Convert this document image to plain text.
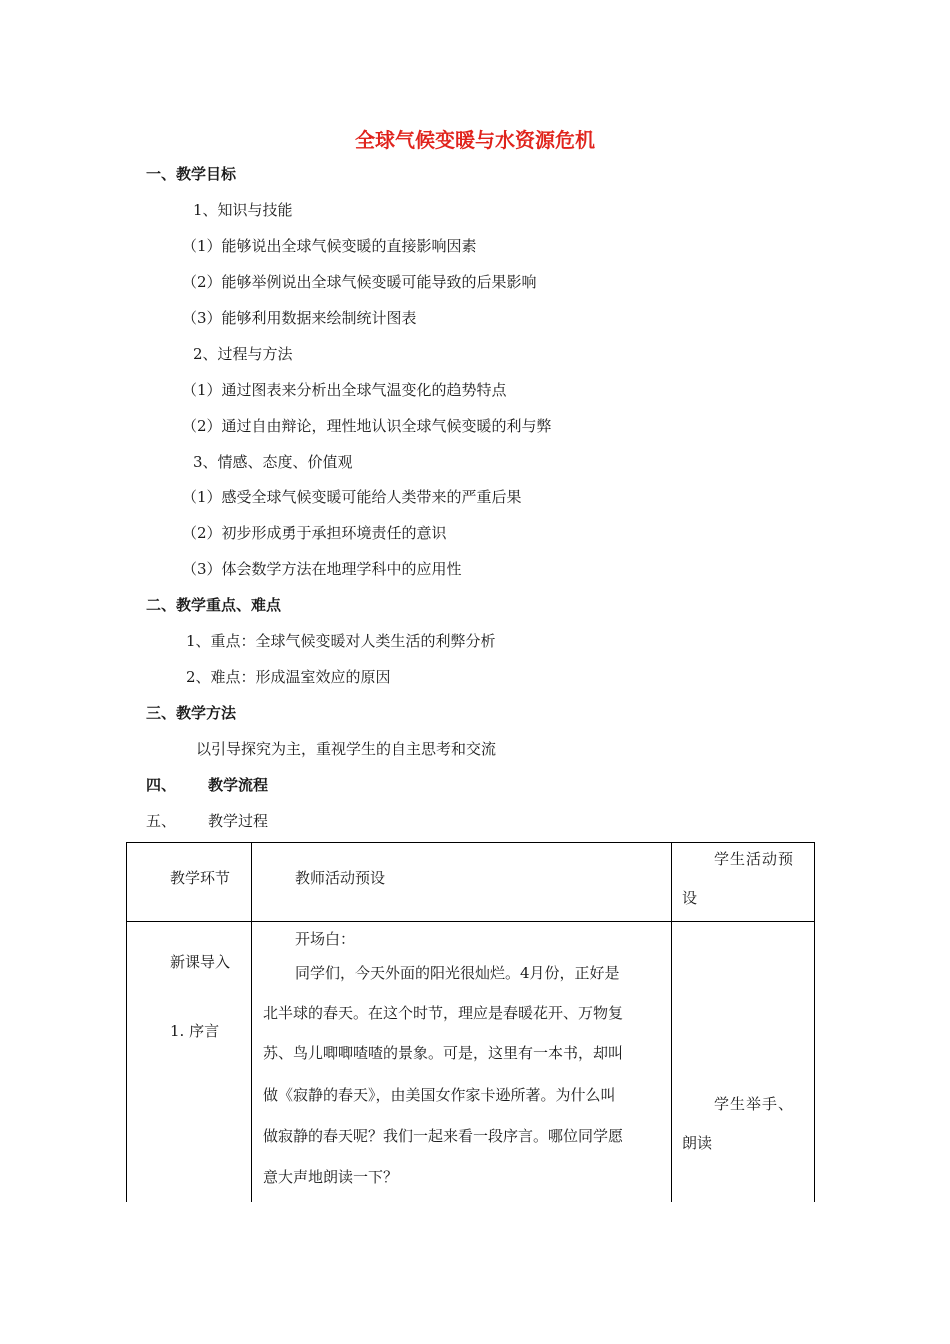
全球气候变暖与水资源危机
一、教学目标
1、知识与技能
（1）能够说出全球气候变暖的直接影响因素
（2）能够举例说出全球气候变暖可能导致的后果影响
（3）能够利用数据来绘制统计图表
2、过程与方法
（1）通过图表来分析出全球气温变化的趋势特点
（2）通过自由辩论，理性地认识全球气候变暖的利与弊
3、情感、态度、价值观
（1）感受全球气候变暖可能给人类带来的严重后果
（2）初步形成勇于承担环境责任的意识
（3）体会数学方法在地理学科中的应用性
二、教学重点、难点
1、重点：全球气候变暖对人类生活的利弊分析
2、难点：形成温室效应的原因
三、教学方法
以引导探究为主，重视学生的自主思考和交流
四、 教学流程
五、 教学过程
教学环节	教师活动预设
学生活动预
设
新课导入
1. 序言
开场白：
同学们，今天外面的阳光很灿烂。4月份，正好是
北半球的春天。在这个时节，理应是春暖花开、万物复
苏、鸟儿唧唧喳喳的景象。可是，这里有一本书，却叫
做《寂静的春天》，由美国女作家卡逊所著。为什么叫
做寂静的春天呢？我们一起来看一段序言。哪位同学愿
意大声地朗读一下？
学生举手、
朗读
